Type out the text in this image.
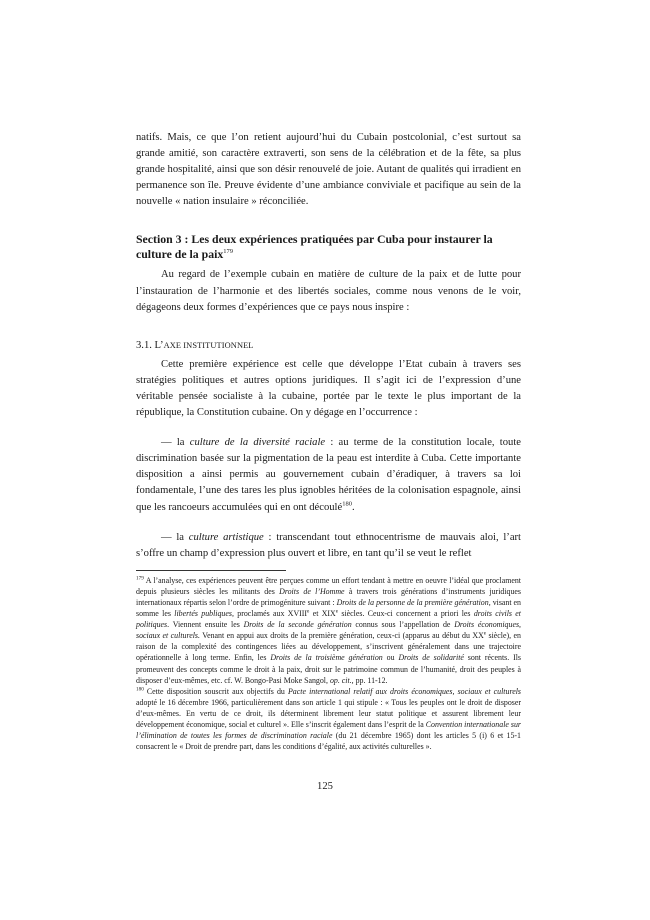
natifs. Mais, ce que l’on retient aujourd’hui du Cubain postcolonial, c’est surtout sa grande amitié, son caractère extraverti, son sens de la célébration et de la fête, sa plus grande hospitalité, ainsi que son désir renouvelé de joie. Autant de qualités qui irradient en permanence son île. Preuve évidente d’une ambiance conviviale et pacifique au sein de la nouvelle « nation insulaire » réconciliée.

Section 3 : Les deux expériences pratiquées par Cuba pour instaurer la culture de la paix$^{179}$

Au regard de l’exemple cubain en matière de culture de la paix et de lutte pour l’instauration de l’harmonie et des libertés sociales, comme nous venons de le voir, dégageons deux formes d’expériences que ce pays nous inspire :

3.1. L’AXE INSTITUTIONNEL

Cette première expérience est celle que développe l’Etat cubain à travers ses stratégies politiques et autres options juridiques. Il s’agit ici de l’expression d’une véritable pensée socialiste à la cubaine, portée par le texte le plus important de la république, la Constitution cubaine. On y dégage en l’occurrence :

— la culture de la diversité raciale : au terme de la constitution locale, toute discrimination basée sur la pigmentation de la peau est interdite à Cuba. Cette importante disposition a ainsi permis au gouvernement cubain d’éradiquer, à travers sa loi fondamentale, l’une des tares les plus ignobles héritées de la colonisation espagnole, ainsi que les rancoeurs accumulées qui en ont découlé$^{180}$.

— la culture artistique : transcendant tout ethnocentrisme de mauvais aloi, l’art s’offre un champ d’expression plus ouvert et libre, en tant qu’il se veut le reflet

$^{179}$ A l’analyse, ces expériences peuvent être perçues comme un effort tendant à mettre en oeuvre l’idéal que proclament depuis plusieurs siècles les militants des Droits de l’Homme à travers trois générations d’instruments juridiques internationaux répartis selon l’ordre de primogéniture suivant : Droits de la personne de la première génération, visant en somme les libertés publiques, proclamés aux XVIIIe et XIXe siècles. Ceux-ci concernent a priori les droits civils et politiques. Viennent ensuite les Droits de la seconde génération connus sous l’appellation de Droits économiques, sociaux et culturels. Venant en appui aux droits de la première génération, ceux-ci (apparus au début du XXe siècle), en raison de la complexité des contingences liées au développement, s’inscrivent généralement dans une trajectoire opérationnelle à long terme. Enfin, les Droits de la troisième génération ou Droits de solidarité sont récents. Ils promeuvent des concepts comme le droit à la paix, droit sur le patrimoine commun de l’humanité, droit des peuples à disposer d’eux-mêmes, etc. cf. W. Bongo-Pasi Moke Sangol, op. cit., pp. 11-12.

$^{180}$ Cette disposition souscrit aux objectifs du Pacte international relatif aux droits économiques, sociaux et culturels adopté le 16 décembre 1966, particulièrement dans son article 1 qui stipule : « Tous les peuples ont le droit de disposer d’eux-mêmes. En vertu de ce droit, ils déterminent librement leur statut politique et assurent librement leur développement économique, social et culturel ». Elle s’inscrit également dans l’esprit de la Convention internationale sur l’élimination de toutes les formes de discrimination raciale (du 21 décembre 1965) dont les articles 5 (i) 6 et 15-1 consacrent le « Droit de prendre part, dans les conditions d’égalité, aux activités culturelles ».

125
